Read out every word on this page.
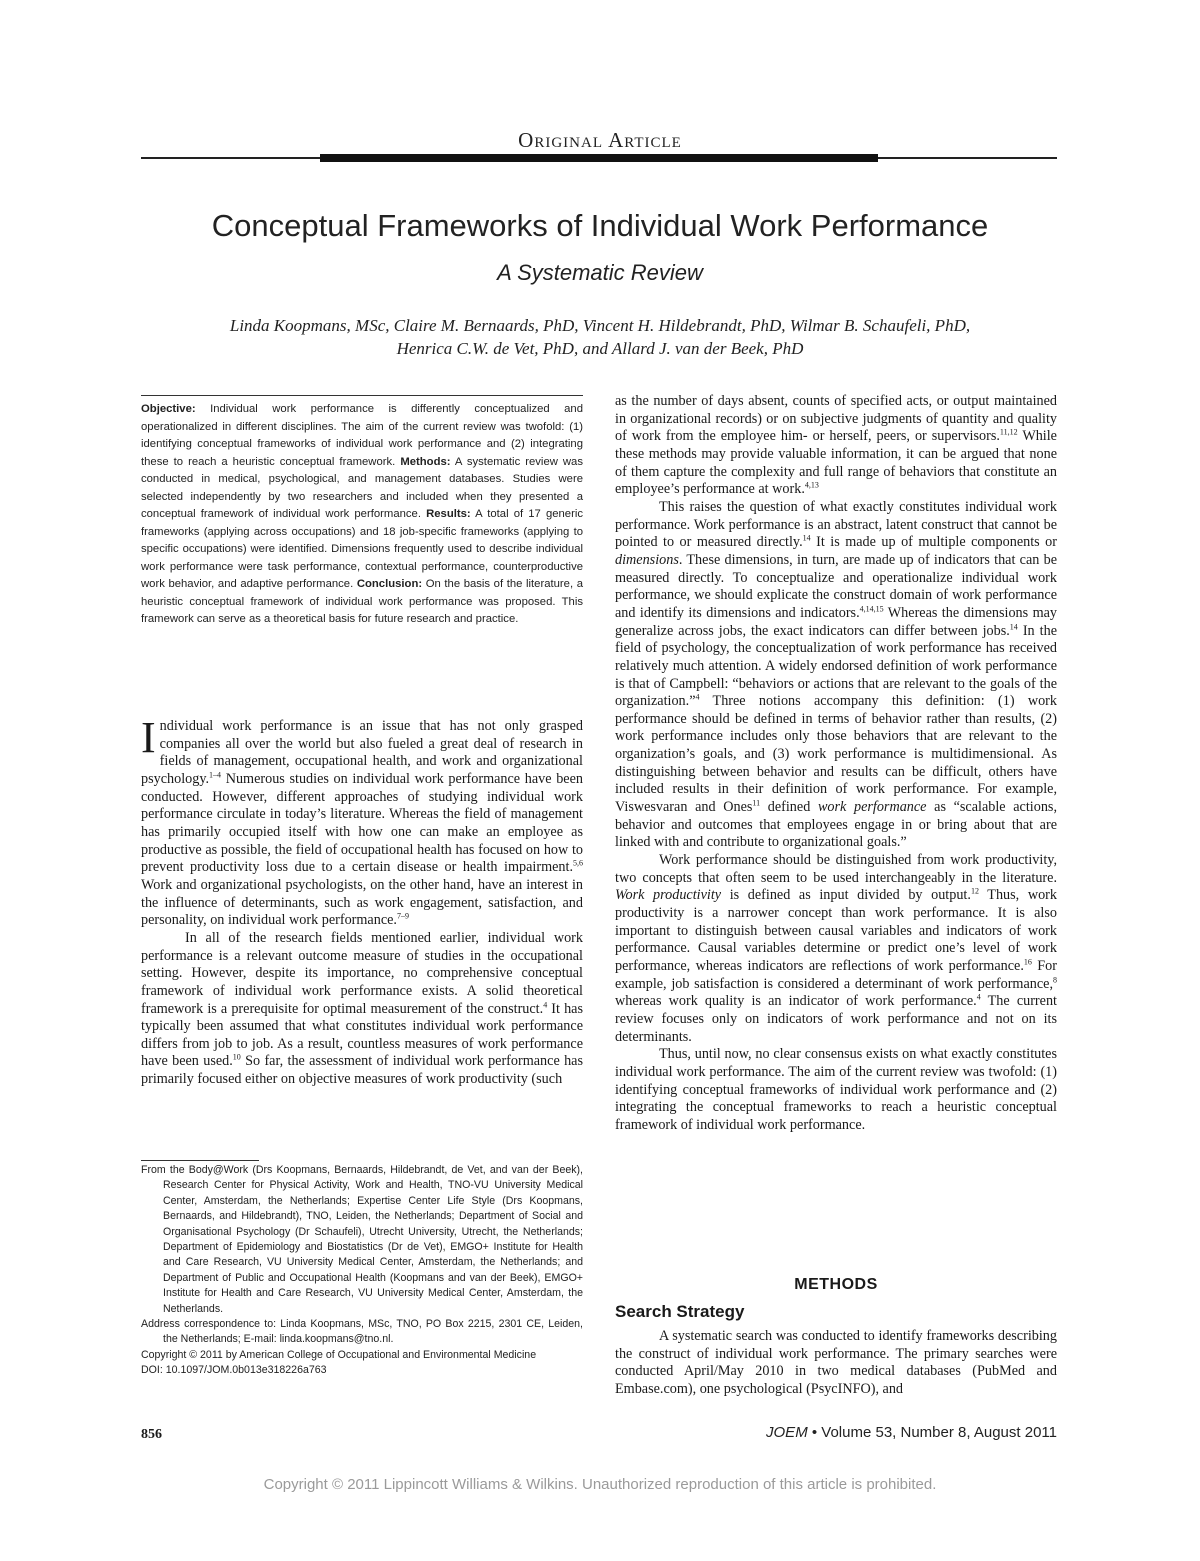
Original Article
Conceptual Frameworks of Individual Work Performance
A Systematic Review
Linda Koopmans, MSc, Claire M. Bernaards, PhD, Vincent H. Hildebrandt, PhD, Wilmar B. Schaufeli, PhD,
Henrica C.W. de Vet, PhD, and Allard J. van der Beek, PhD
Objective: Individual work performance is differently conceptualized and operationalized in different disciplines. The aim of the current review was twofold: (1) identifying conceptual frameworks of individual work performance and (2) integrating these to reach a heuristic conceptual framework. Methods: A systematic review was conducted in medical, psychological, and management databases. Studies were selected independently by two researchers and included when they presented a conceptual framework of individual work performance. Results: A total of 17 generic frameworks (applying across occupations) and 18 job-specific frameworks (applying to specific occupations) were identified. Dimensions frequently used to describe individual work performance were task performance, contextual performance, counterproductive work behavior, and adaptive performance. Conclusion: On the basis of the literature, a heuristic conceptual framework of individual work performance was proposed. This framework can serve as a theoretical basis for future research and practice.

Individual work performance is an issue that has not only grasped companies all over the world but also fueled a great deal of research in fields of management, occupational health, and work and organizational psychology.$^{1-4}$ Numerous studies on individual work performance have been conducted. However, different approaches of studying individual work performance circulate in today’s literature. Whereas the field of management has primarily occupied itself with how one can make an employee as productive as possible, the field of occupational health has focused on how to prevent productivity loss due to a certain disease or health impairment.$^{5,6}$ Work and organizational psychologists, on the other hand, have an interest in the influence of determinants, such as work engagement, satisfaction, and personality, on individual work performance.$^{7-9}$

In all of the research fields mentioned earlier, individual work performance is a relevant outcome measure of studies in the occupational setting. However, despite its importance, no comprehensive conceptual framework of individual work performance exists. A solid theoretical framework is a prerequisite for optimal measurement of the construct.$^4$ It has typically been assumed that what constitutes individual work performance differs from job to job. As a result, countless measures of work performance have been used.$^{10}$ So far, the assessment of individual work performance has primarily focused either on objective measures of work productivity (such

as the number of days absent, counts of specified acts, or output maintained in organizational records) or on subjective judgments of quantity and quality of work from the employee him- or herself, peers, or supervisors.$^{11,12}$ While these methods may provide valuable information, it can be argued that none of them capture the complexity and full range of behaviors that constitute an employee’s performance at work.$^{4,13}$

This raises the question of what exactly constitutes individual work performance. Work performance is an abstract, latent construct that cannot be pointed to or measured directly.$^{14}$ It is made up of multiple components or dimensions. These dimensions, in turn, are made up of indicators that can be measured directly. To conceptualize and operationalize individual work performance, we should explicate the construct domain of work performance and identify its dimensions and indicators.$^{4,14,15}$ Whereas the dimensions may generalize across jobs, the exact indicators can differ between jobs.$^{14}$ In the field of psychology, the conceptualization of work performance has received relatively much attention. A widely endorsed definition of work performance is that of Campbell: “behaviors or actions that are relevant to the goals of the organization.”$^4$ Three notions accompany this definition: (1) work performance should be defined in terms of behavior rather than results, (2) work performance includes only those behaviors that are relevant to the organization’s goals, and (3) work performance is multidimensional. As distinguishing between behavior and results can be difficult, others have included results in their definition of work performance. For example, Viswesvaran and Ones$^{11}$ defined work performance as “scalable actions, behavior and outcomes that employees engage in or bring about that are linked with and contribute to organizational goals.”

Work performance should be distinguished from work productivity, two concepts that often seem to be used interchangeably in the literature. Work productivity is defined as input divided by output.$^{12}$ Thus, work productivity is a narrower concept than work performance. It is also important to distinguish between causal variables and indicators of work performance. Causal variables determine or predict one’s level of work performance, whereas indicators are reflections of work performance.$^{16}$ For example, job satisfaction is considered a determinant of work performance,$^8$ whereas work quality is an indicator of work performance.$^4$ The current review focuses only on indicators of work performance and not on its determinants.

Thus, until now, no clear consensus exists on what exactly constitutes individual work performance. The aim of the current review was twofold: (1) identifying conceptual frameworks of individual work performance and (2) integrating the conceptual frameworks to reach a heuristic conceptual framework of individual work performance.

METHODS
Search Strategy

A systematic search was conducted to identify frameworks describing the construct of individual work performance. The primary searches were conducted April/May 2010 in two medical databases (PubMed and Embase.com), one psychological (PsycINFO), and

From the Body@Work (Drs Koopmans, Bernaards, Hildebrandt, de Vet, and van der Beek), Research Center for Physical Activity, Work and Health, TNO-VU University Medical Center, Amsterdam, the Netherlands; Expertise Center Life Style (Drs Koopmans, Bernaards, and Hildebrandt), TNO, Leiden, the Netherlands; Department of Social and Organisational Psychology (Dr Schaufeli), Utrecht University, Utrecht, the Netherlands; Department of Epidemiology and Biostatistics (Dr de Vet), EMGO+ Institute for Health and Care Research, VU University Medical Center, Amsterdam, the Netherlands; and Department of Public and Occupational Health (Koopmans and van der Beek), EMGO+ Institute for Health and Care Research, VU University Medical Center, Amsterdam, the Netherlands.

Address correspondence to: Linda Koopmans, MSc, TNO, PO Box 2215, 2301 CE, Leiden, the Netherlands; E-mail: linda.koopmans@tno.nl.

Copyright © 2011 by American College of Occupational and Environmental Medicine

DOI: 10.1097/JOM.0b013e318226a763

856	JOEM • Volume 53, Number 8, August 2011
Copyright © 2011 Lippincott Williams & Wilkins. Unauthorized reproduction of this article is prohibited.
